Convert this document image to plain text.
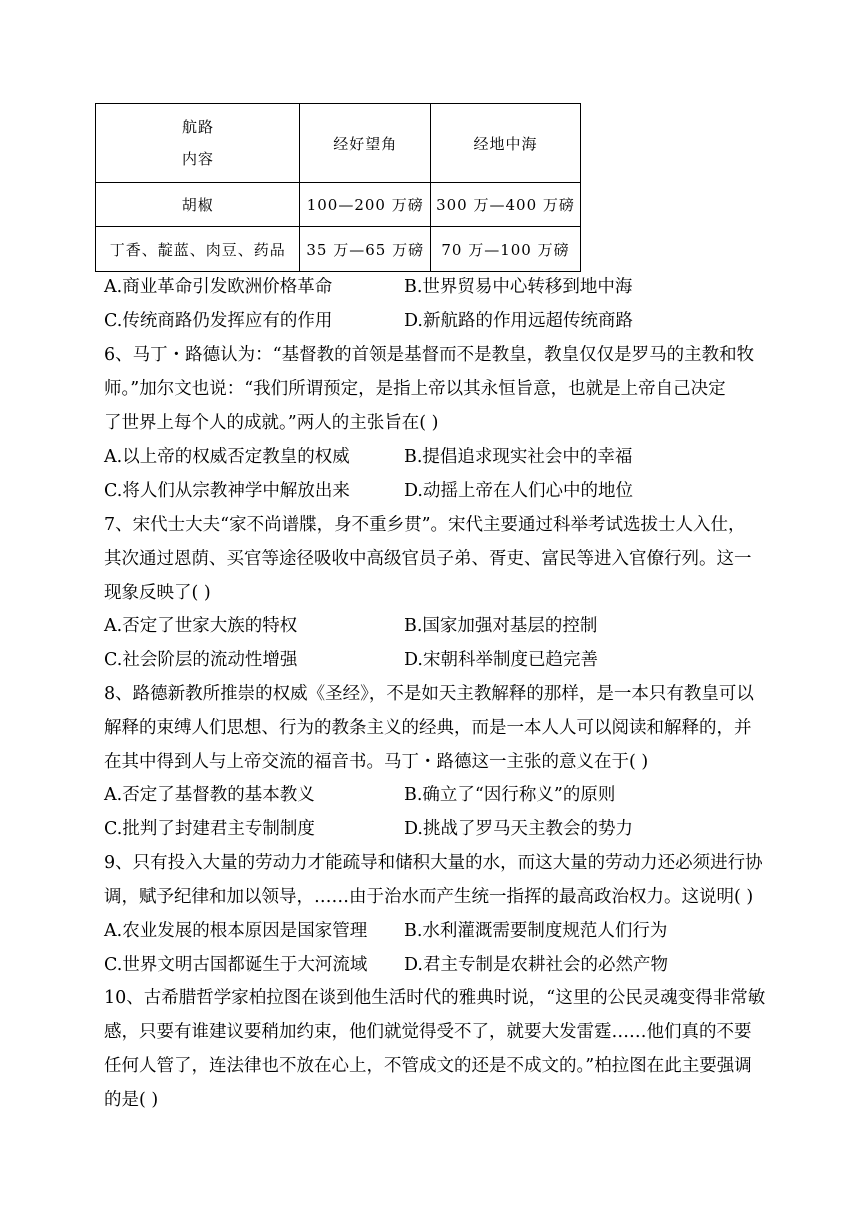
航路
内容	经好望角	经地中海
胡椒	100—200 万磅	300 万—400 万磅
丁香、靛蓝、肉豆、药品	35 万—65 万磅	70 万—100 万磅
A.商业革命引发欧洲价格革命	B.世界贸易中心转移到地中海
C.传统商路仍发挥应有的作用	D.新航路的作用远超传统商路
6、马丁・路德认为：“基督教的首领是基督而不是教皇，教皇仅仅是罗马的主教和牧
师。”加尔文也说：“我们所谓预定，是指上帝以其永恒旨意，也就是上帝自己决定
了世界上每个人的成就。”两人的主张旨在( )
A.以上帝的权威否定教皇的权威	B.提倡追求现实社会中的幸福
C.将人们从宗教神学中解放出来	D.动摇上帝在人们心中的地位
7、宋代士大夫“家不尚谱牒，身不重乡贯”。宋代主要通过科举考试选拔士人入仕，
其次通过恩荫、买官等途径吸收中高级官员子弟、胥吏、富民等进入官僚行列。这一
现象反映了( )
A.否定了世家大族的特权	B.国家加强对基层的控制
C.社会阶层的流动性增强	D.宋朝科举制度已趋完善
8、路德新教所推崇的权威《圣经》，不是如天主教解释的那样，是一本只有教皇可以
解释的束缚人们思想、行为的教条主义的经典，而是一本人人可以阅读和解释的，并
在其中得到人与上帝交流的福音书。马丁・路德这一主张的意义在于( )
A.否定了基督教的基本教义	B.确立了“因行称义”的原则
C.批判了封建君主专制制度	D.挑战了罗马天主教会的势力
9、只有投入大量的劳动力才能疏导和储积大量的水，而这大量的劳动力还必须进行协
调，赋予纪律和加以领导，……由于治水而产生统一指挥的最高政治权力。这说明( )
A.农业发展的根本原因是国家管理 B.水利灌溉需要制度规范人们行为
C.世界文明古国都诞生于大河流域 D.君主专制是农耕社会的必然产物
10、古希腊哲学家柏拉图在谈到他生活时代的雅典时说，“这里的公民灵魂变得非常敏
感，只要有谁建议要稍加约束，他们就觉得受不了，就要大发雷霆……他们真的不要
任何人管了，连法律也不放在心上，不管成文的还是不成文的。”柏拉图在此主要强调
的是( )
